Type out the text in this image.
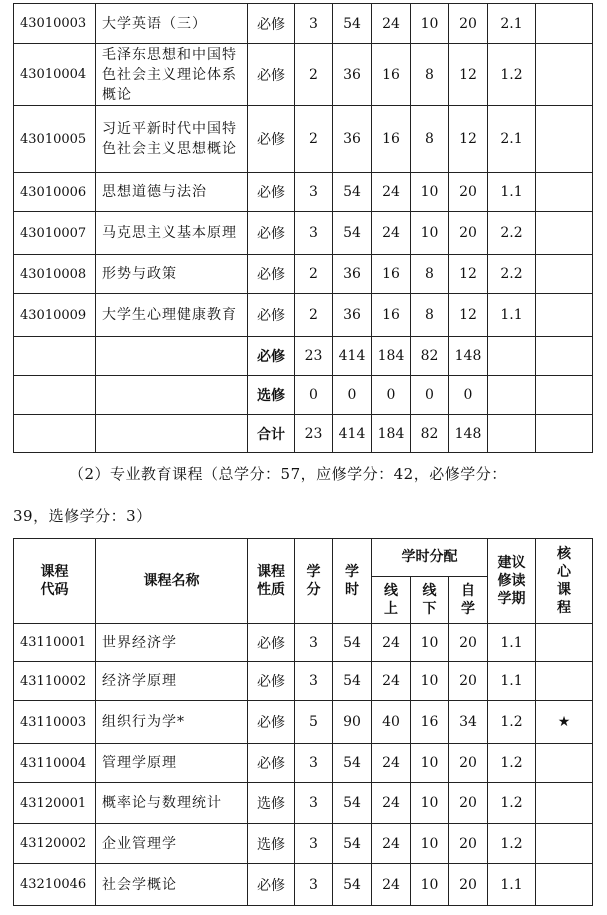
43010003	大学英语（三）	必修	3	54	24	10	20	2.1	
43010004	毛泽东思想和中国特色社会主义理论体系概论	必修	2	36	16	8	12	1.2	
43010005	习近平新时代中国特色社会主义思想概论	必修	2	36	16	8	12	2.1	
43010006	思想道德与法治	必修	3	54	24	10	20	1.1	
43010007	马克思主义基本原理	必修	3	54	24	10	20	2.2	
43010008	形势与政策	必修	2	36	16	8	12	2.2	
43010009	大学生心理健康教育	必修	2	36	16	8	12	1.1	
		必修	23	414	184	82	148		
		选修	0	0	0	0	0		
		合计	23	414	184	82	148		
（2）专业教育课程（总学分：57，应修学分：42，必修学分：
39，选修学分：3）
课程代码	课程名称	课程性质	学分	学时	学时分配			建议修读学期	核心课程
					线上	线下	自学		
43110001	世界经济学	必修	3	54	24	10	20	1.1	
43110002	经济学原理	必修	3	54	24	10	20	1.1	
43110003	组织行为学*	必修	5	90	40	16	34	1.2	★
43110004	管理学原理	必修	3	54	24	10	20	1.2	
43120001	概率论与数理统计	选修	3	54	24	10	20	1.2	
43120002	企业管理学	选修	3	54	24	10	20	1.2	
43210046	社会学概论	必修	3	54	24	10	20	1.1	
